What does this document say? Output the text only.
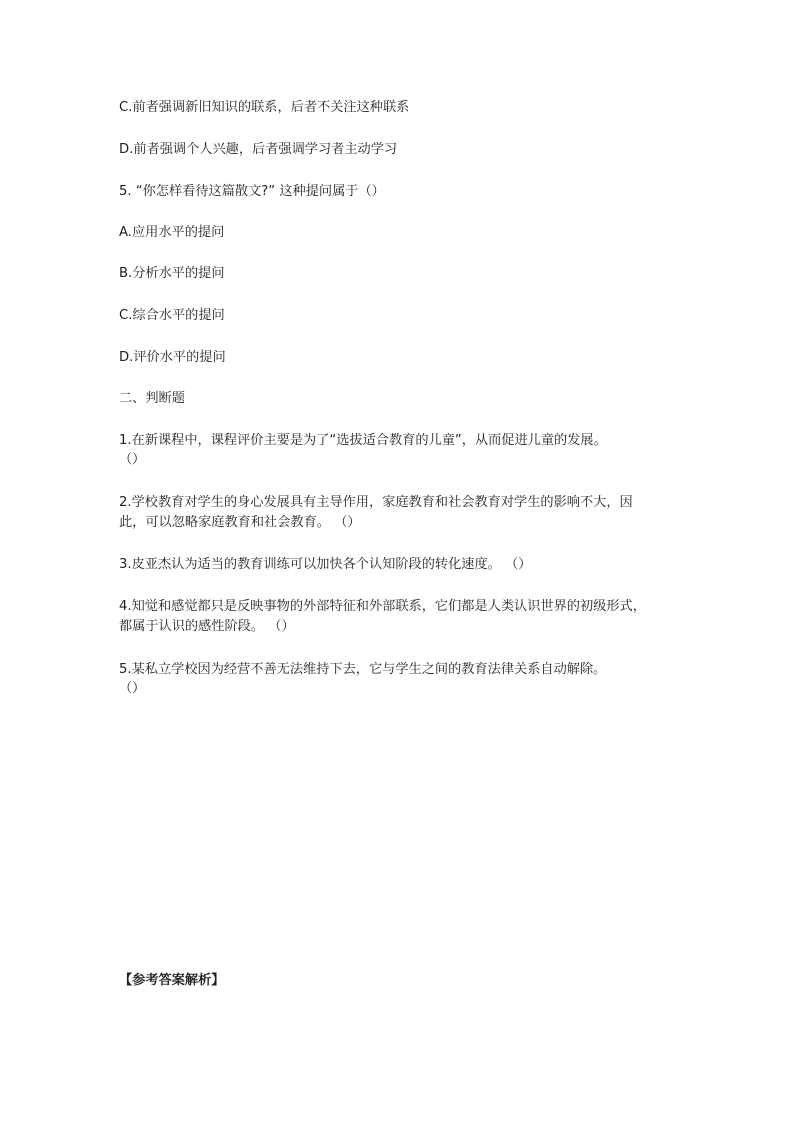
C.前者强调新旧知识的联系，后者不关注这种联系
D.前者强调个人兴趣，后者强调学习者主动学习
5. “你怎样看待这篇散文?” 这种提问属于（）
A.应用水平的提问
B.分析水平的提问
C.综合水平的提问
D.评价水平的提问
二、判断题
1.在新课程中，课程评价主要是为了“选拔适合教育的儿童”，从而促进儿童的发展。
（）
2.学校教育对学生的身心发展具有主导作用，家庭教育和社会教育对学生的影响不大，因
此，可以忽略家庭教育和社会教育。 （）
3.皮亚杰认为适当的教育训练可以加快各个认知阶段的转化速度。 （）
4.知觉和感觉都只是反映事物的外部特征和外部联系，它们都是人类认识世界的初级形式，
都属于认识的感性阶段。 （）
5.某私立学校因为经营不善无法维持下去，它与学生之间的教育法律关系自动解除。
（）
【参考答案解析】
